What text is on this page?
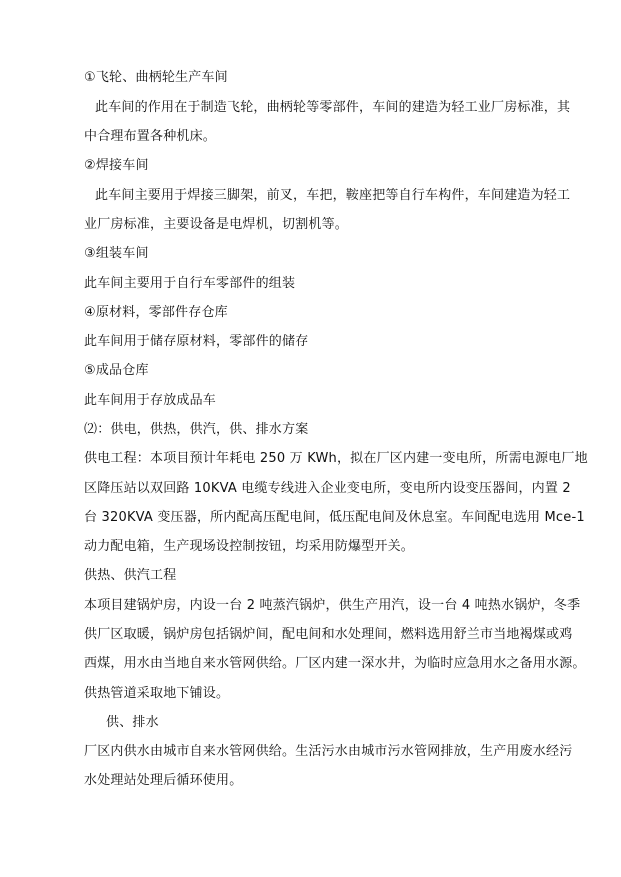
①飞轮、曲柄轮生产车间
此车间的作用在于制造飞轮，曲柄轮等零部件，车间的建造为轻工业厂房标准，其
中合理布置各种机床。
②焊接车间
此车间主要用于焊接三脚架，前叉，车把，鞍座把等自行车构件，车间建造为轻工
业厂房标准，主要设备是电焊机，切割机等。
③组装车间
此车间主要用于自行车零部件的组装
④原材料，零部件存仓库
此车间用于储存原材料，零部件的储存
⑤成品仓库
此车间用于存放成品车
⑵：供电，供热，供汽，供、排水方案
供电工程：本项目预计年耗电 250 万 KWh，拟在厂区内建一变电所，所需电源电厂地
区降压站以双回路 10KVA 电缆专线进入企业变电所，变电所内设变压器间，内置 2
台 320KVA 变压器，所内配高压配电间，低压配电间及休息室。车间配电选用 Mce-1
动力配电箱，生产现场设控制按钮，均采用防爆型开关。
供热、供汽工程
本项目建锅炉房，内设一台 2 吨蒸汽锅炉，供生产用汽，设一台 4 吨热水锅炉，冬季
供厂区取暖，锅炉房包括锅炉间，配电间和水处理间，燃料选用舒兰市当地褐煤或鸡
西煤，用水由当地自来水管网供给。厂区内建一深水井，为临时应急用水之备用水源。
供热管道采取地下铺设。
供、排水
厂区内供水由城市自来水管网供给。生活污水由城市污水管网排放，生产用废水经污
水处理站处理后循环使用。
